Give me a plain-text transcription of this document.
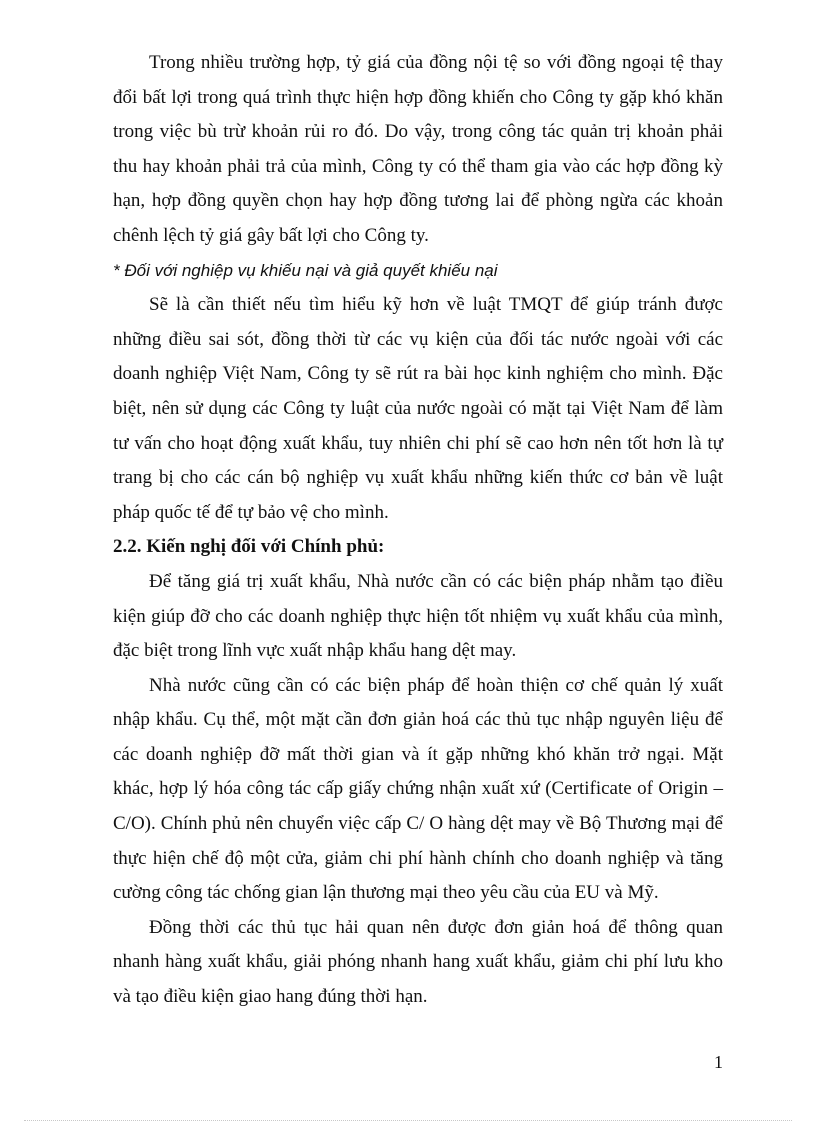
Trong nhiều trường hợp, tỷ giá của đồng nội tệ so với đồng ngoại tệ thay đổi bất lợi trong quá trình thực hiện hợp đồng khiến cho Công ty gặp khó khăn trong việc bù trừ khoản rủi ro đó. Do vậy, trong công tác quản trị khoản phải thu hay khoản phải trả của mình, Công ty có thể tham gia vào các hợp đồng kỳ hạn, hợp đồng quyền chọn hay hợp đồng tương lai để phòng ngừa các khoản chênh lệch tỷ giá gây bất lợi cho Công ty.

* Đối với nghiệp vụ khiếu nại và giả quyết khiếu nại

Sẽ là cần thiết nếu tìm hiểu kỹ hơn về luật TMQT để giúp tránh được những điều sai sót, đồng thời từ các vụ kiện của đối tác nước ngoài với các doanh nghiệp Việt Nam, Công ty sẽ rút ra bài học kinh nghiệm cho mình. Đặc biệt, nên sử dụng các Công ty luật của nước ngoài có mặt tại Việt Nam để làm tư vấn cho hoạt động xuất khẩu, tuy nhiên chi phí sẽ cao hơn nên tốt hơn là tự trang bị cho các cán bộ nghiệp vụ xuất khẩu những kiến thức cơ bản về luật pháp quốc tế để tự bảo vệ cho mình.

2.2. Kiến nghị đối với Chính phủ:

Để tăng giá trị xuất khẩu, Nhà nước cần có các biện pháp nhằm tạo điều kiện giúp đỡ cho các doanh nghiệp thực hiện tốt nhiệm vụ xuất khẩu của mình, đặc biệt trong lĩnh vực xuất nhập khẩu hang dệt may.

Nhà nước cũng cần có các biện pháp để hoàn thiện cơ chế quản lý xuất nhập khẩu. Cụ thể, một mặt cần đơn giản hoá các thủ tục nhập nguyên liệu để các doanh nghiệp đỡ mất thời gian và ít gặp những khó khăn trở ngại. Mặt khác, hợp lý hóa công tác cấp giấy chứng nhận xuất xứ (Certificate of Origin – C/O). Chính phủ nên chuyển việc cấp C/ O hàng dệt may về Bộ Thương mại để thực hiện chế độ một cửa, giảm chi phí hành chính cho doanh nghiệp và tăng cường công tác chống gian lận thương mại theo yêu cầu của EU và Mỹ.

Đồng thời các thủ tục hải quan nên được đơn giản hoá để thông quan nhanh hàng xuất khẩu, giải phóng nhanh hang xuất khẩu, giảm chi phí lưu kho và tạo điều kiện giao hang đúng thời hạn.

1
